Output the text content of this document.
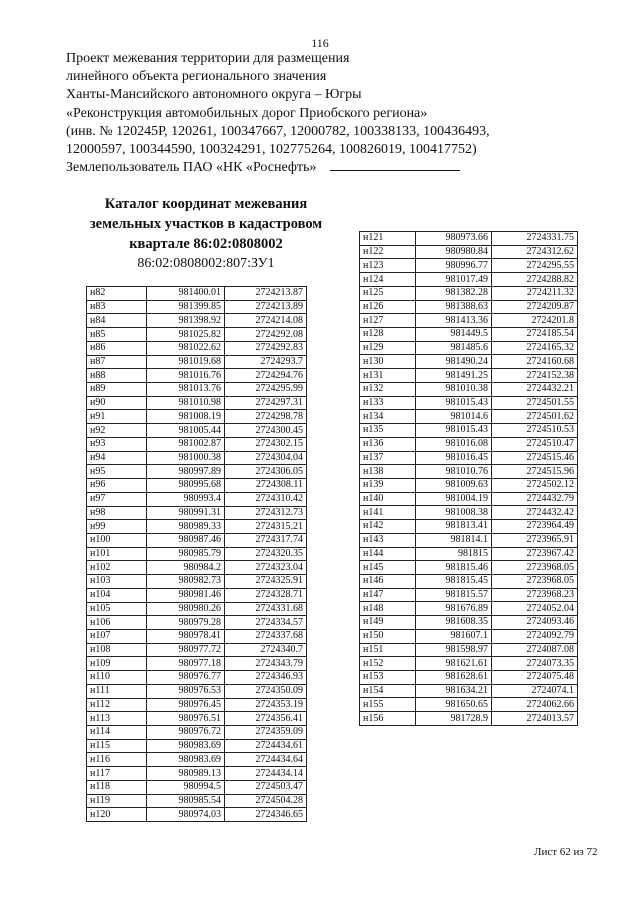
116
Проект межевания территории для размещения
линейного объекта регионального значения
Ханты-Мансийского автономного округа – Югры
«Реконструкция автомобильных дорог Приобского региона»
(инв. № 120245Р, 120261, 100347667, 12000782, 100338133, 100436493,
12000597, 100344590, 100324291, 102775264, 100826019, 100417752)
Землепользователь ПАО «НК «Роснефть»
Каталог координат межевания
земельных участков в кадастровом
квартале 86:02:0808002
86:02:0808002:807:ЗУ1
н82	981400.01	2724213.87
н83	981399.85	2724213.89
н84	981398.92	2724214.08
н85	981025.82	2724292.08
н86	981022.62	2724292.83
н87	981019.68	2724293.7
н88	981016.76	2724294.76
н89	981013.76	2724295.99
н90	981010.98	2724297.31
н91	981008.19	2724298.78
н92	981005.44	2724300.45
н93	981002.87	2724302.15
н94	981000.38	2724304.04
н95	980997.89	2724306.05
н96	980995.68	2724308.11
н97	980993.4	2724310.42
н98	980991.31	2724312.73
н99	980989.33	2724315.21
н100	980987.46	2724317.74
н101	980985.79	2724320.35
н102	980984.2	2724323.04
н103	980982.73	2724325.91
н104	980981.46	2724328.71
н105	980980.26	2724331.68
н106	980979.28	2724334.57
н107	980978.41	2724337.68
н108	980977.72	2724340.7
н109	980977.18	2724343.79
н110	980976.77	2724346.93
н111	980976.53	2724350.09
н112	980976.45	2724353.19
н113	980976.51	2724356.41
н114	980976.72	2724359.09
н115	980983.69	2724434.61
н116	980983.69	2724434.64
н117	980989.13	2724434.14
н118	980994.5	2724503.47
н119	980985.54	2724504.28
н120	980974.03	2724346.65
н121	980973.66	2724331.75
н122	980980.84	2724312.62
н123	980996.77	2724295.55
н124	981017.49	2724288.82
н125	981382.28	2724211.32
н126	981388.63	2724209.87
н127	981413.36	2724201.8
н128	981449.5	2724185.54
н129	981485.6	2724165.32
н130	981490.24	2724160.68
н131	981491.25	2724152.38
н132	981010.38	2724432.21
н133	981015.43	2724501.55
н134	981014.6	2724501.62
н135	981015.43	2724510.53
н136	981016.08	2724510.47
н137	981016.45	2724515.46
н138	981010.76	2724515.96
н139	981009.63	2724502.12
н140	981004.19	2724432.79
н141	981008.38	2724432.42
н142	981813.41	2723964.49
н143	981814.1	2723965.91
н144	981815	2723967.42
н145	981815.46	2723968.05
н146	981815.45	2723968.05
н147	981815.57	2723968.23
н148	981676.89	2724052.04
н149	981608.35	2724093.46
н150	981607.1	2724092.79
н151	981598.97	2724087.08
н152	981621.61	2724073.35
н153	981628.61	2724075.48
н154	981634.21	2724074.1
н155	981650.65	2724062.66
н156	981728.9	2724013.57
Лист 62 из 72
